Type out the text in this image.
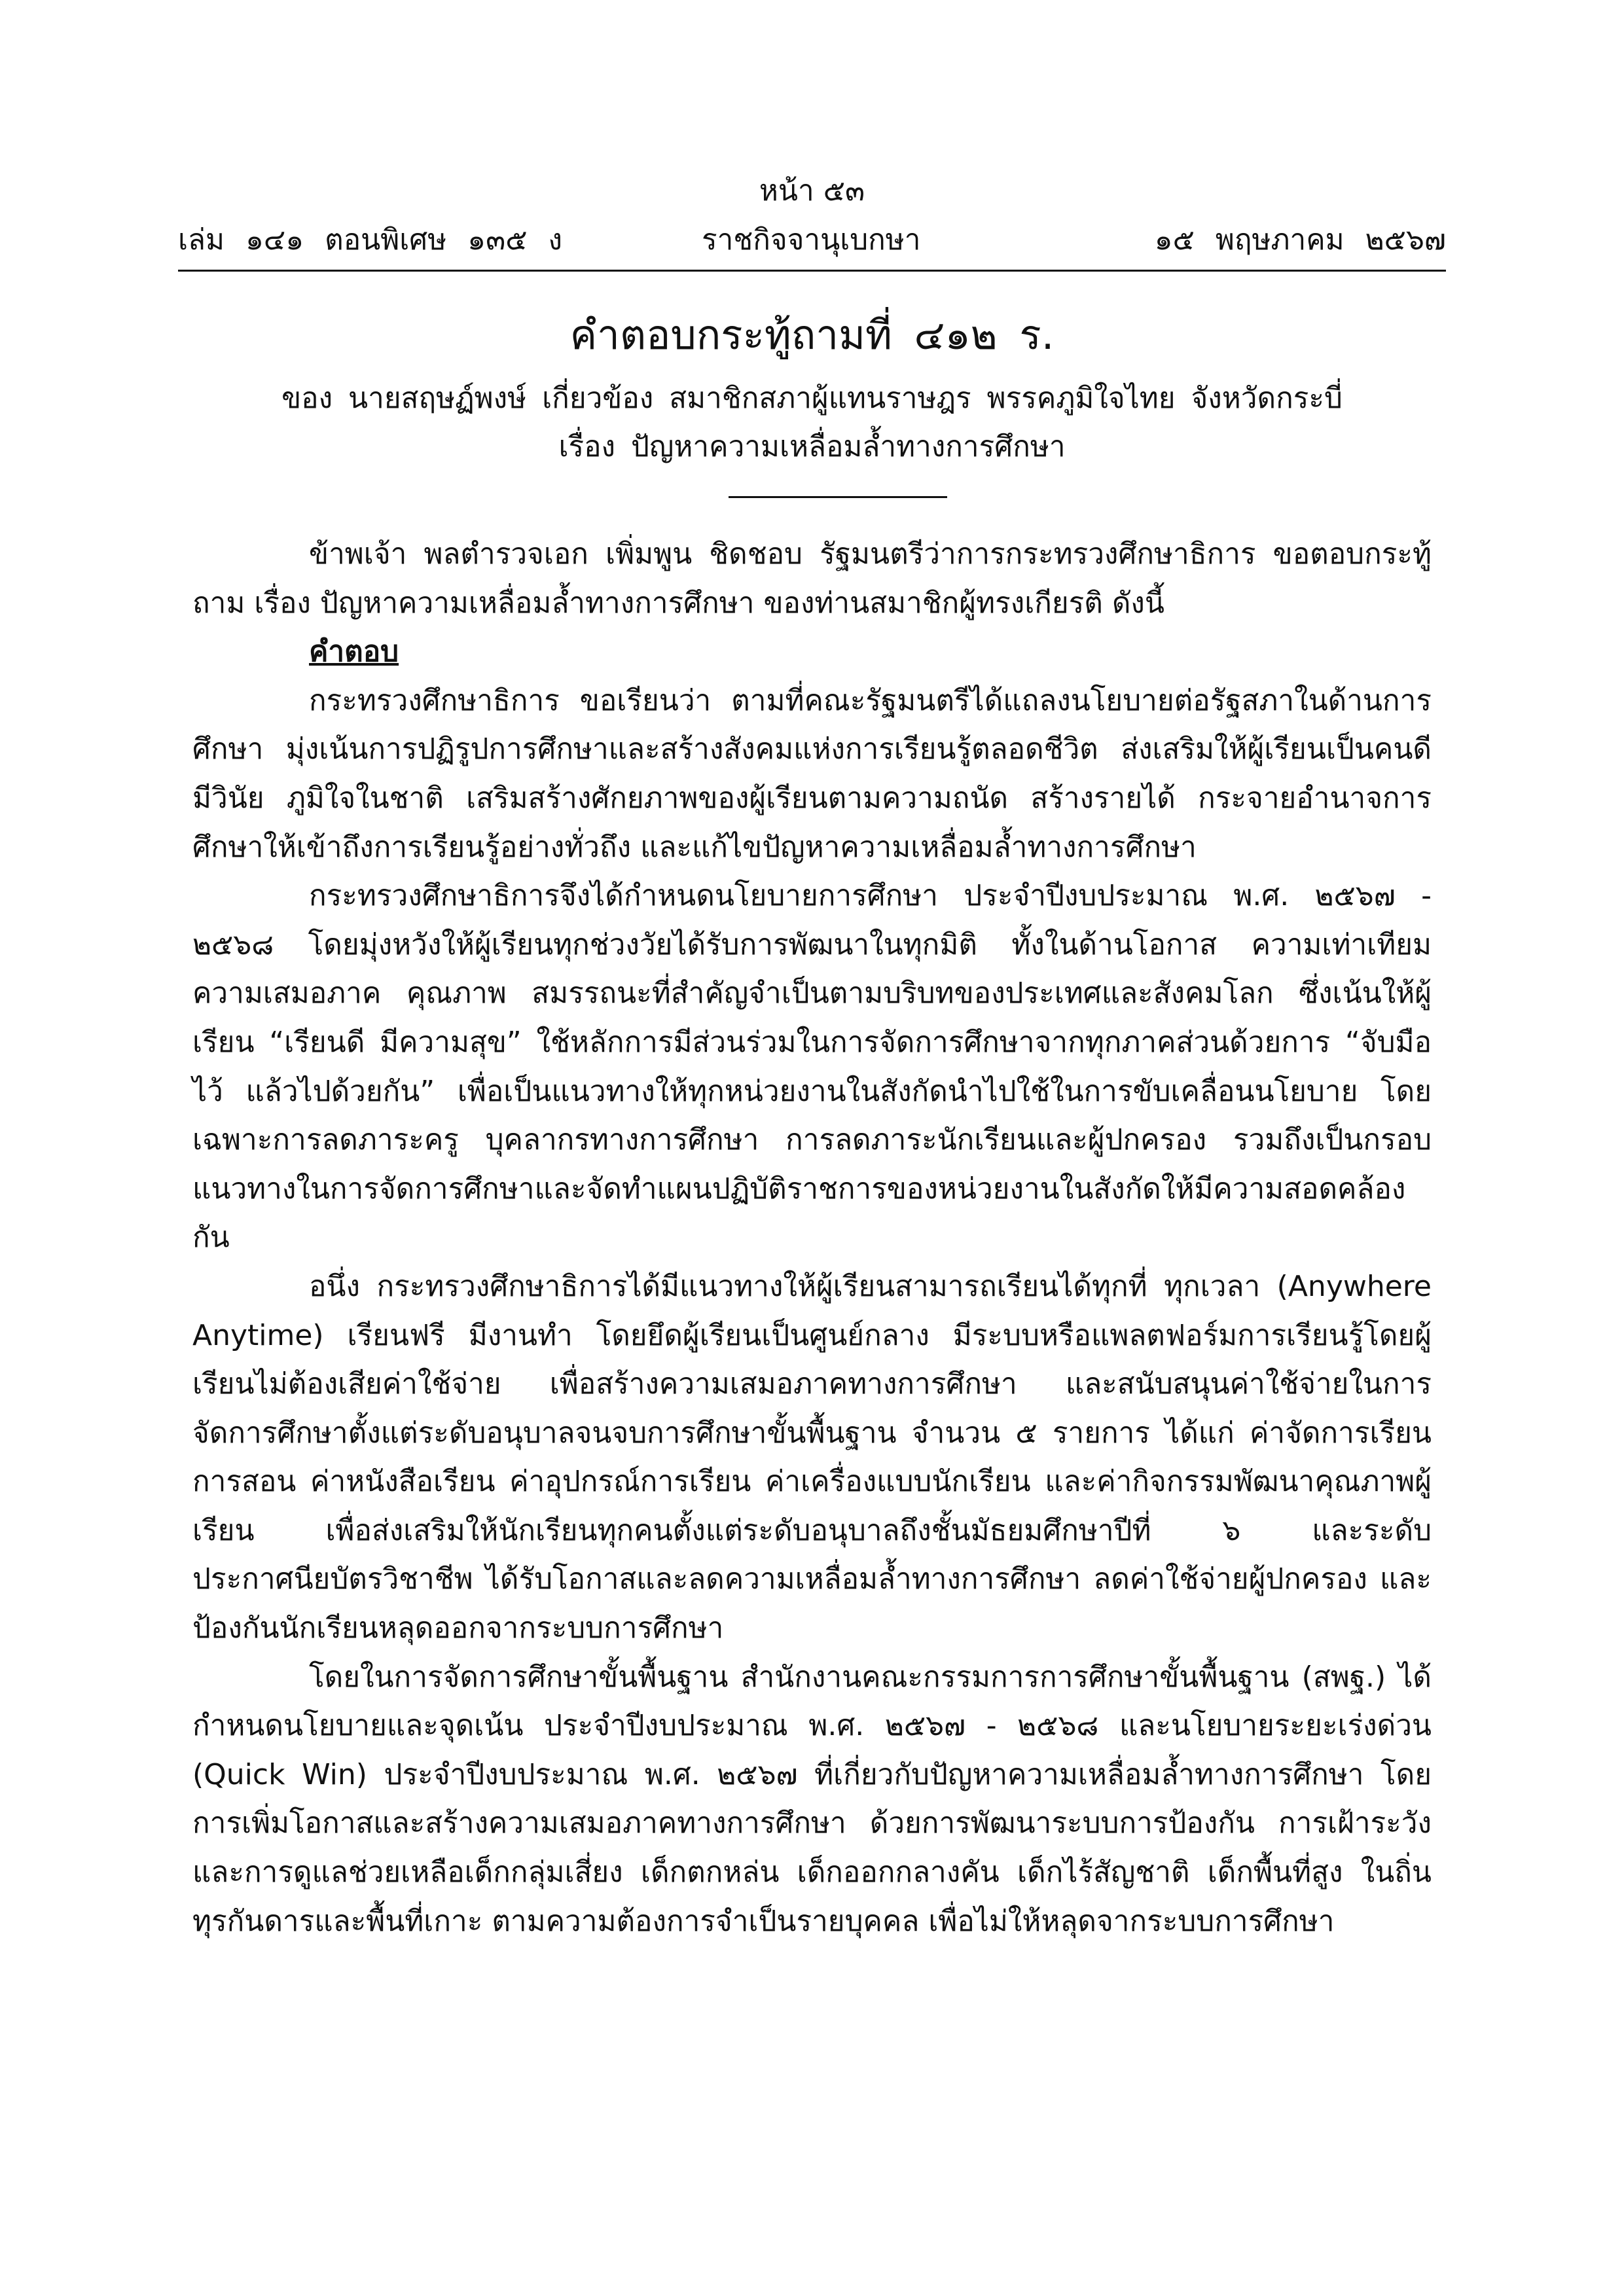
หน้า ๕๓
เล่ม ๑๔๑ ตอนพิเศษ ๑๓๕ ง	ราชกิจจานุเบกษา	๑๕ พฤษภาคม ๒๕๖๗
คำตอบกระทู้ถามที่ ๔๑๒ ร.
ของ นายสฤษฏ์พงษ์ เกี่ยวข้อง สมาชิกสภาผู้แทนราษฎร พรรคภูมิใจไทย จังหวัดกระบี่
เรื่อง ปัญหาความเหลื่อมล้ำทางการศึกษา

ข้าพเจ้า พลตำรวจเอก เพิ่มพูน ชิดชอบ รัฐมนตรีว่าการกระทรวงศึกษาธิการ ขอตอบกระทู้ถาม เรื่อง ปัญหาความเหลื่อมล้ำทางการศึกษา ของท่านสมาชิกผู้ทรงเกียรติ ดังนี้

คำตอบ

กระทรวงศึกษาธิการ ขอเรียนว่า ตามที่คณะรัฐมนตรีได้แถลงนโยบายต่อรัฐสภาในด้านการศึกษา มุ่งเน้นการปฏิรูปการศึกษาและสร้างสังคมแห่งการเรียนรู้ตลอดชีวิต ส่งเสริมให้ผู้เรียนเป็นคนดี มีวินัย ภูมิใจในชาติ เสริมสร้างศักยภาพของผู้เรียนตามความถนัด สร้างรายได้ กระจายอำนาจการศึกษาให้เข้าถึงการเรียนรู้อย่างทั่วถึง และแก้ไขปัญหาความเหลื่อมล้ำทางการศึกษา

กระทรวงศึกษาธิการจึงได้กำหนดนโยบายการศึกษา ประจำปีงบประมาณ พ.ศ. ๒๕๖๗ - ๒๕๖๘ โดยมุ่งหวังให้ผู้เรียนทุกช่วงวัยได้รับการพัฒนาในทุกมิติ ทั้งในด้านโอกาส ความเท่าเทียม ความเสมอภาค คุณภาพ สมรรถนะที่สำคัญจำเป็นตามบริบทของประเทศและสังคมโลก ซึ่งเน้นให้ผู้เรียน “เรียนดี มีความสุข” ใช้หลักการมีส่วนร่วมในการจัดการศึกษาจากทุกภาคส่วนด้วยการ “จับมือไว้ แล้วไปด้วยกัน” เพื่อเป็นแนวทางให้ทุกหน่วยงานในสังกัดนำไปใช้ในการขับเคลื่อนนโยบาย โดยเฉพาะการลดภาระครู บุคลากรทางการศึกษา การลดภาระนักเรียนและผู้ปกครอง รวมถึงเป็นกรอบแนวทางในการจัดการศึกษาและจัดทำแผนปฏิบัติราชการของหน่วยงานในสังกัดให้มีความสอดคล้องกัน

อนึ่ง กระทรวงศึกษาธิการได้มีแนวทางให้ผู้เรียนสามารถเรียนได้ทุกที่ ทุกเวลา (Anywhere Anytime) เรียนฟรี มีงานทำ โดยยึดผู้เรียนเป็นศูนย์กลาง มีระบบหรือแพลตฟอร์มการเรียนรู้โดยผู้เรียนไม่ต้องเสียค่าใช้จ่าย เพื่อสร้างความเสมอภาคทางการศึกษา และสนับสนุนค่าใช้จ่ายในการจัดการศึกษาตั้งแต่ระดับอนุบาลจนจบการศึกษาขั้นพื้นฐาน จำนวน ๕ รายการ ได้แก่ ค่าจัดการเรียนการสอน ค่าหนังสือเรียน ค่าอุปกรณ์การเรียน ค่าเครื่องแบบนักเรียน และค่ากิจกรรมพัฒนาคุณภาพผู้เรียน เพื่อส่งเสริมให้นักเรียนทุกคนตั้งแต่ระดับอนุบาลถึงชั้นมัธยมศึกษาปีที่ ๖ และระดับประกาศนียบัตรวิชาชีพ ได้รับโอกาสและลดความเหลื่อมล้ำทางการศึกษา ลดค่าใช้จ่ายผู้ปกครอง และป้องกันนักเรียนหลุดออกจากระบบการศึกษา

โดยในการจัดการศึกษาขั้นพื้นฐาน สำนักงานคณะกรรมการการศึกษาขั้นพื้นฐาน (สพฐ.) ได้กำหนดนโยบายและจุดเน้น ประจำปีงบประมาณ พ.ศ. ๒๕๖๗ - ๒๕๖๘ และนโยบายระยะเร่งด่วน (Quick Win) ประจำปีงบประมาณ พ.ศ. ๒๕๖๗ ที่เกี่ยวกับปัญหาความเหลื่อมล้ำทางการศึกษา โดยการเพิ่มโอกาสและสร้างความเสมอภาคทางการศึกษา ด้วยการพัฒนาระบบการป้องกัน การเฝ้าระวัง และการดูแลช่วยเหลือเด็กกลุ่มเสี่ยง เด็กตกหล่น เด็กออกกลางคัน เด็กไร้สัญชาติ เด็กพื้นที่สูง ในถิ่นทุรกันดารและพื้นที่เกาะ ตามความต้องการจำเป็นรายบุคคล เพื่อไม่ให้หลุดจากระบบการศึกษา
